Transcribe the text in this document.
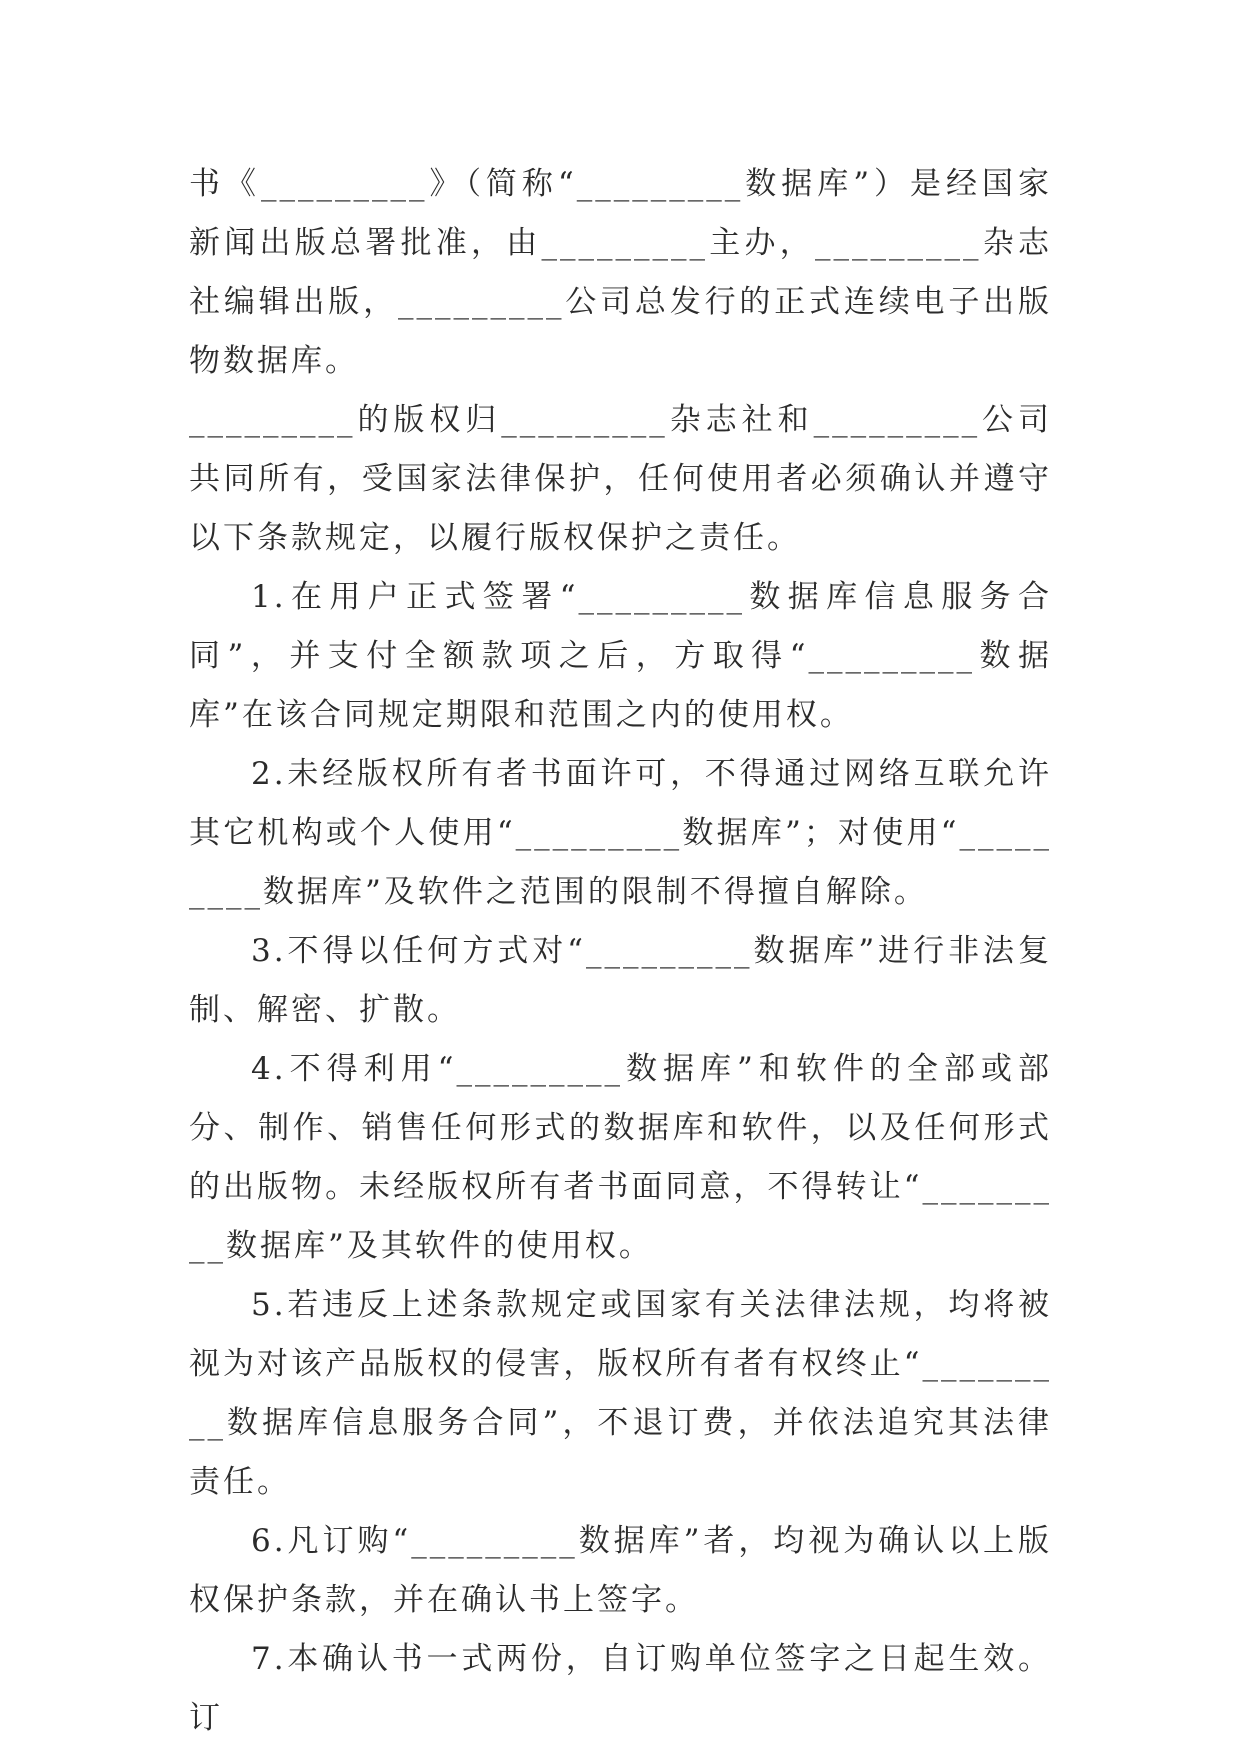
书《_________》（简称“_________数据库”）是经国家新闻出版总署批准，由_________主办，_________杂志社编辑出版，_________公司总发行的正式连续电子出版物数据库。

_________的版权归_________杂志社和_________公司共同所有，受国家法律保护，任何使用者必须确认并遵守以下条款规定，以履行版权保护之责任。

1.在用户正式签署“_________数据库信息服务合同”，并支付全额款项之后，方取得“_________数据库”在该合同规定期限和范围之内的使用权。

2.未经版权所有者书面许可，不得通过网络互联允许其它机构或个人使用“_________数据库”；对使用“_________数据库”及软件之范围的限制不得擅自解除。

3.不得以任何方式对“_________数据库”进行非法复制、解密、扩散。

4.不得利用“_________数据库”和软件的全部或部分、制作、销售任何形式的数据库和软件，以及任何形式的出版物。未经版权所有者书面同意，不得转让“_________数据库”及其软件的使用权。

5.若违反上述条款规定或国家有关法律法规，均将被视为对该产品版权的侵害，版权所有者有权终止“_________数据库信息服务合同”，不退订费，并依法追究其法律责任。

6.凡订购“_________数据库”者，均视为确认以上版权保护条款，并在确认书上签字。

7.本确认书一式两份，自订购单位签字之日起生效。订
